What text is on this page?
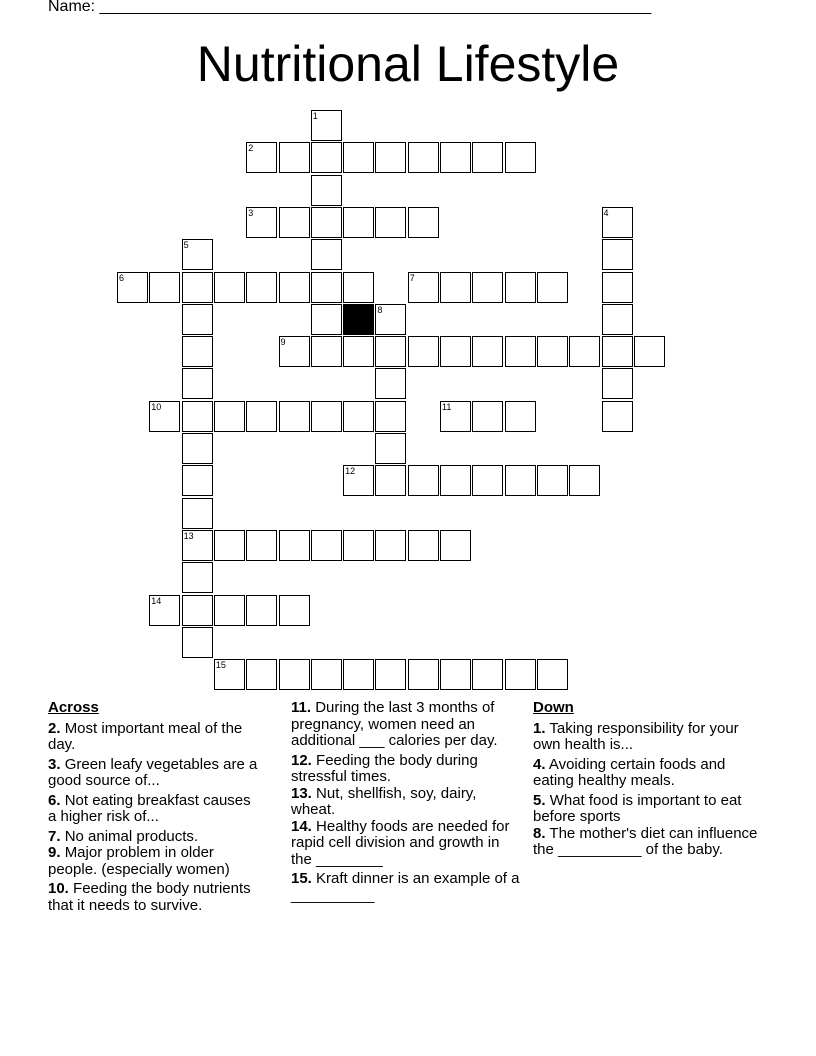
Name: ______________________________________________________________
Nutritional Lifestyle
1
2
3	4
5
13
6	7
8
9
10	11
12
14
15
Across
2. Most important meal of the day.
3. Green leafy vegetables are a good source of...
6. Not eating breakfast causes a higher risk of...
7. No animal products.
9. Major problem in older people. (especially women)
10. Feeding the body nutrients that it needs to survive.
11. During the last 3 months of pregnancy, women need an additional ___ calories per day.
12. Feeding the body during stressful times.
13. Nut, shellfish, soy, dairy, wheat.
14. Healthy foods are needed for rapid cell division and growth in the ________
15. Kraft dinner is an example of a __________
Down
1. Taking responsibility for your own health is...
4. Avoiding certain foods and eating healthy meals.
5. What food is important to eat before sports
8. The mother's diet can influence the __________ of the baby.
